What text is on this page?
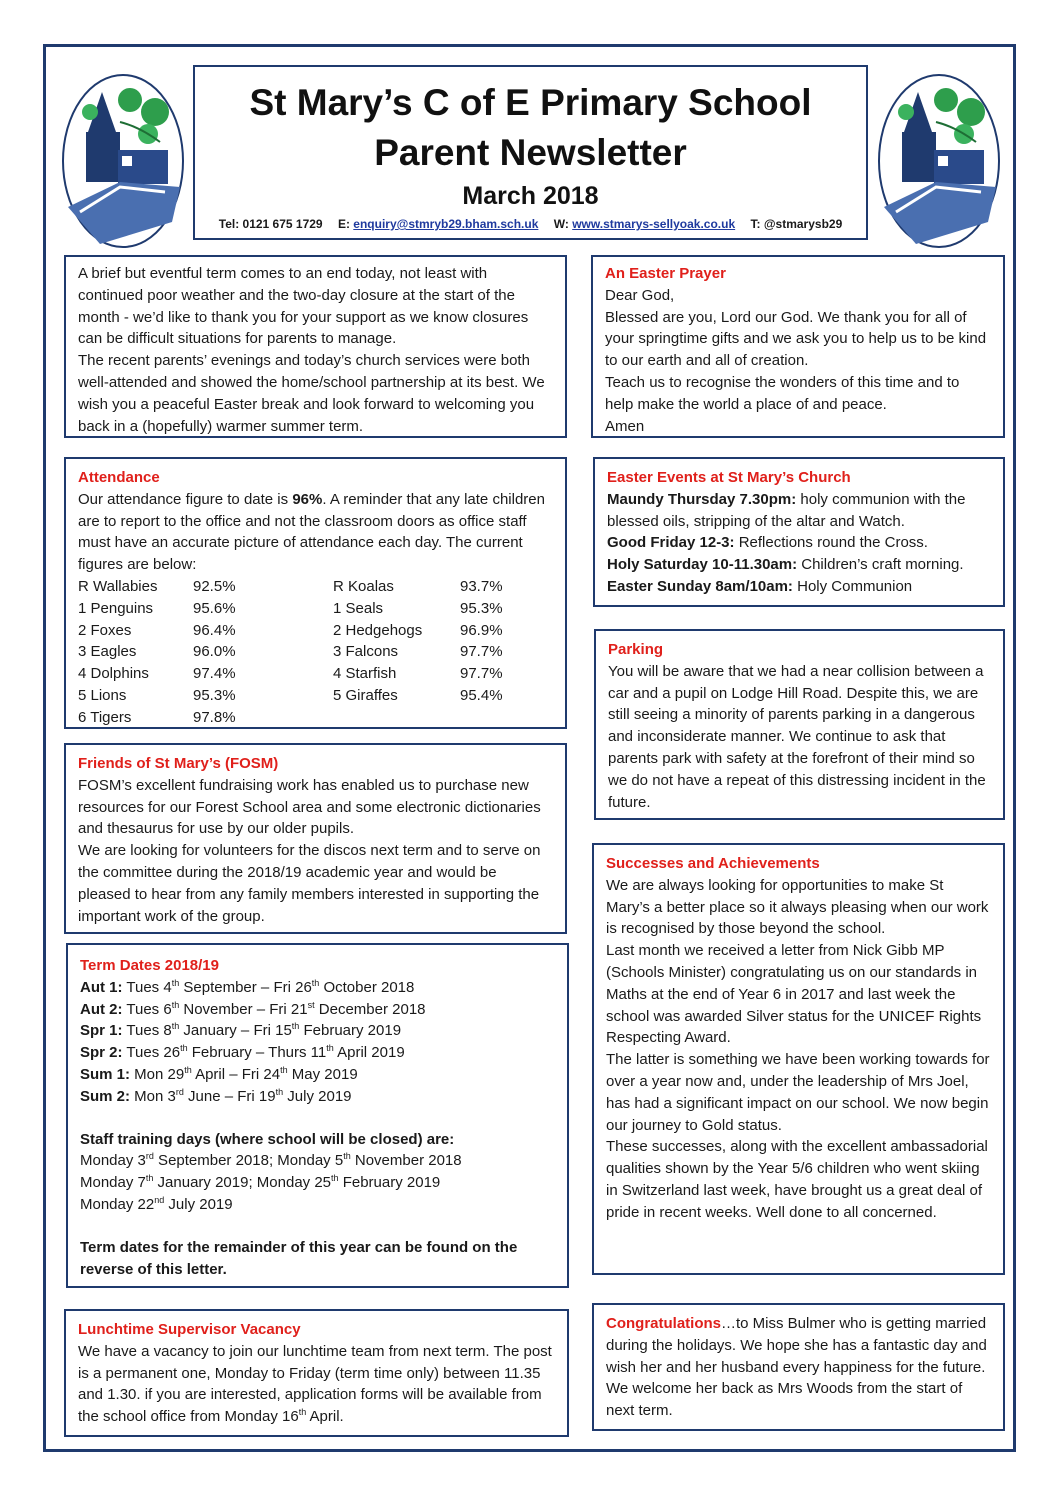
St Mary’s C of E Primary School
Parent Newsletter
March 2018
Tel: 0121 675 1729 E: enquiry@stmryb29.bham.sch.uk W: www.stmarys-sellyoak.co.uk T: @stmarysb29

A brief but eventful term comes to an end today, not least with continued poor weather and the two-day closure at the start of the month - we’d like to thank you for your support as we know closures can be difficult situations for parents to manage.

The recent parents’ evenings and today’s church services were both well-attended and showed the home/school partnership at its best. We wish you a peaceful Easter break and look forward to welcoming you back in a (hopefully) warmer summer term.

An Easter Prayer

Dear God,

Blessed are you, Lord our God. We thank you for all of your springtime gifts and we ask you to help us to be kind to our earth and all of creation.

Teach us to recognise the wonders of this time and to help make the world a place of and peace.

Amen

Attendance

Our attendance figure to date is 96%. A reminder that any late children are to report to the office and not the classroom doors as office staff must have an accurate picture of attendance each day. The current figures are below:

R Wallabies	92.5%	R Koalas	93.7%
1 Penguins	95.6%	1 Seals	95.3%
2 Foxes	96.4%	2 Hedgehogs	96.9%
3 Eagles	96.0%	3 Falcons	97.7%
4 Dolphins	97.4%	4 Starfish	97.7%
5 Lions	95.3%	5 Giraffes	95.4%
6 Tigers	97.8%

Easter Events at St Mary’s Church

Maundy Thursday 7.30pm: holy communion with the blessed oils, stripping of the altar and Watch.

Good Friday 12-3: Reflections round the Cross.

Holy Saturday 10-11.30am: Children’s craft morning.

Easter Sunday 8am/10am: Holy Communion

Parking

You will be aware that we had a near collision between a car and a pupil on Lodge Hill Road. Despite this, we are still seeing a minority of parents parking in a dangerous and inconsiderate manner. We continue to ask that parents park with safety at the forefront of their mind so we do not have a repeat of this distressing incident in the future.

Friends of St Mary’s (FOSM)

FOSM’s excellent fundraising work has enabled us to purchase new resources for our Forest School area and some electronic dictionaries and thesaurus for use by our older pupils.

We are looking for volunteers for the discos next term and to serve on the committee during the 2018/19 academic year and would be pleased to hear from any family members interested in supporting the important work of the group.

Successes and Achievements

We are always looking for opportunities to make St Mary’s a better place so it always pleasing when our work is recognised by those beyond the school.

Last month we received a letter from Nick Gibb MP (Schools Minister) congratulating us on our standards in Maths at the end of Year 6 in 2017 and last week the school was awarded Silver status for the UNICEF Rights Respecting Award.

The latter is something we have been working towards for over a year now and, under the leadership of Mrs Joel, has had a significant impact on our school. We now begin our journey to Gold status.

These successes, along with the excellent ambassadorial qualities shown by the Year 5/6 children who went skiing in Switzerland last week, have brought us a great deal of pride in recent weeks. Well done to all concerned.

Term Dates 2018/19

Aut 1: Tues 4th September – Fri 26th October 2018

Aut 2: Tues 6th November – Fri 21st December 2018

Spr 1: Tues 8th January – Fri 15th February 2019

Spr 2: Tues 26th February – Thurs 11th April 2019

Sum 1: Mon 29th April – Fri 24th May 2019

Sum 2: Mon 3rd June – Fri 19th July 2019

Staff training days (where school will be closed) are:

Monday 3rd September 2018; Monday 5th November 2018

Monday 7th January 2019; Monday 25th February 2019

Monday 22nd July 2019

Term dates for the remainder of this year can be found on the reverse of this letter.

Lunchtime Supervisor Vacancy

We have a vacancy to join our lunchtime team from next term. The post is a permanent one, Monday to Friday (term time only) between 11.35 and 1.30. if you are interested, application forms will be available from the school office from Monday 16th April.

Congratulations…to Miss Bulmer who is getting married during the holidays. We hope she has a fantastic day and wish her and her husband every happiness for the future. We welcome her back as Mrs Woods from the start of next term.
